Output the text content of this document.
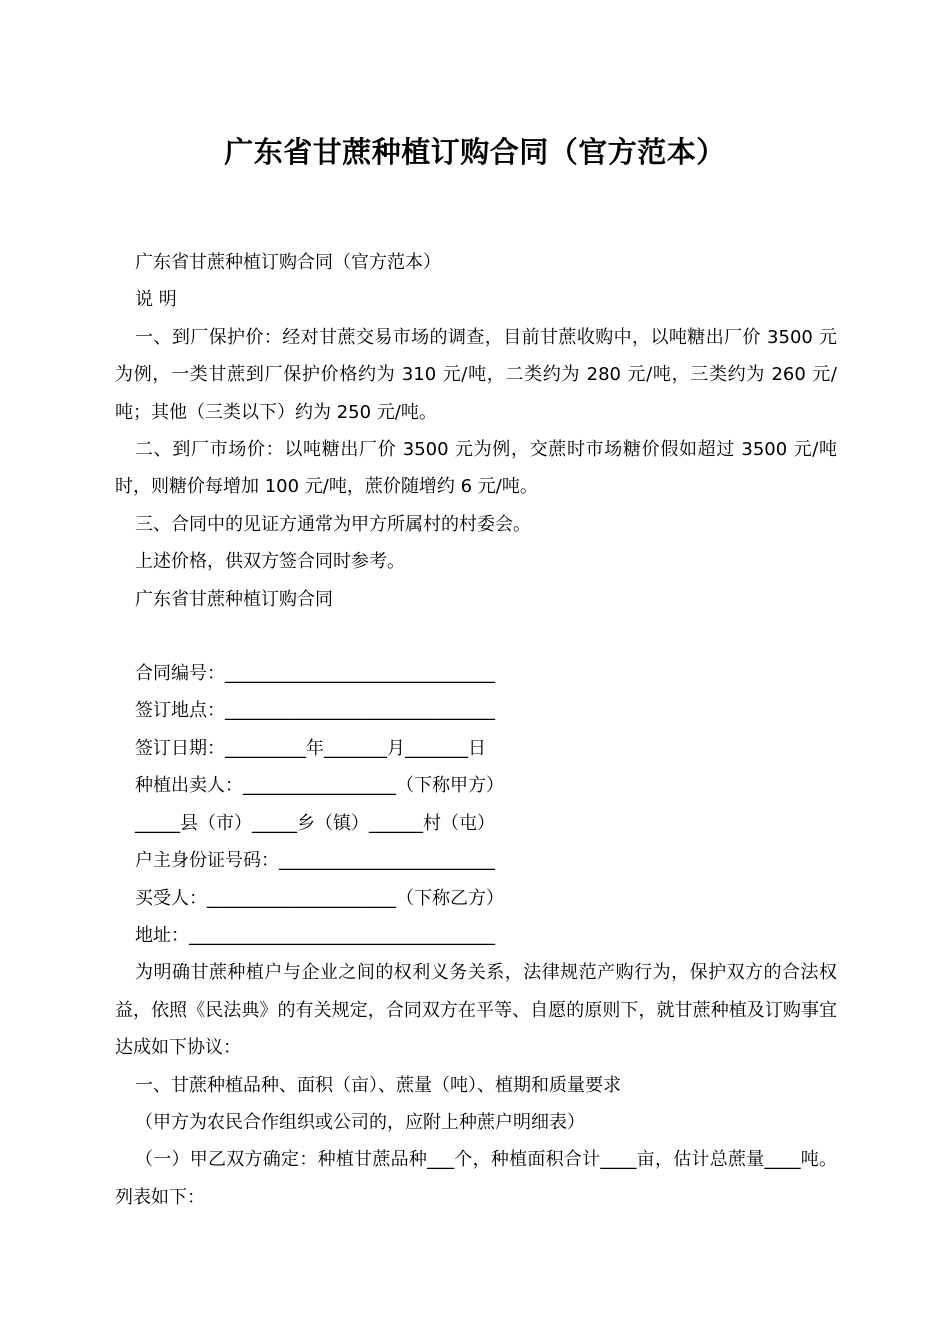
广东省甘蔗种植订购合同（官方范本）

广东省甘蔗种植订购合同（官方范本）

说 明

一、到厂保护价：经对甘蔗交易市场的调查，目前甘蔗收购中，以吨糖出厂价 3500 元为例，一类甘蔗到厂保护价格约为 310 元/吨，二类约为 280 元/吨，三类约为 260 元/吨；其他（三类以下）约为 250 元/吨。

二、到厂市场价：以吨糖出厂价 3500 元为例，交蔗时市场糖价假如超过 3500 元/吨时，则糖价每增加 100 元/吨，蔗价随增约 6 元/吨。

三、合同中的见证方通常为甲方所属村的村委会。

上述价格，供双方签合同时参考。

广东省甘蔗种植订购合同

合同编号：______________________________

签订地点：______________________________

签订日期：_________年_______月_______日

种植出卖人：_________________（下称甲方）

_____县（市）_____乡（镇）______村（屯）

户主身份证号码：________________________

买受人：_____________________（下称乙方）

地址：__________________________________

为明确甘蔗种植户与企业之间的权利义务关系，法律规范产购行为，保护双方的合法权益，依照《民法典》的有关规定，合同双方在平等、自愿的原则下，就甘蔗种植及订购事宜达成如下协议：

一、甘蔗种植品种、面积（亩）、蔗量（吨）、植期和质量要求

（甲方为农民合作组织或公司的，应附上种蔗户明细表）

（一）甲乙双方确定：种植甘蔗品种___个，种植面积合计____亩，估计总蔗量____吨。列表如下：
